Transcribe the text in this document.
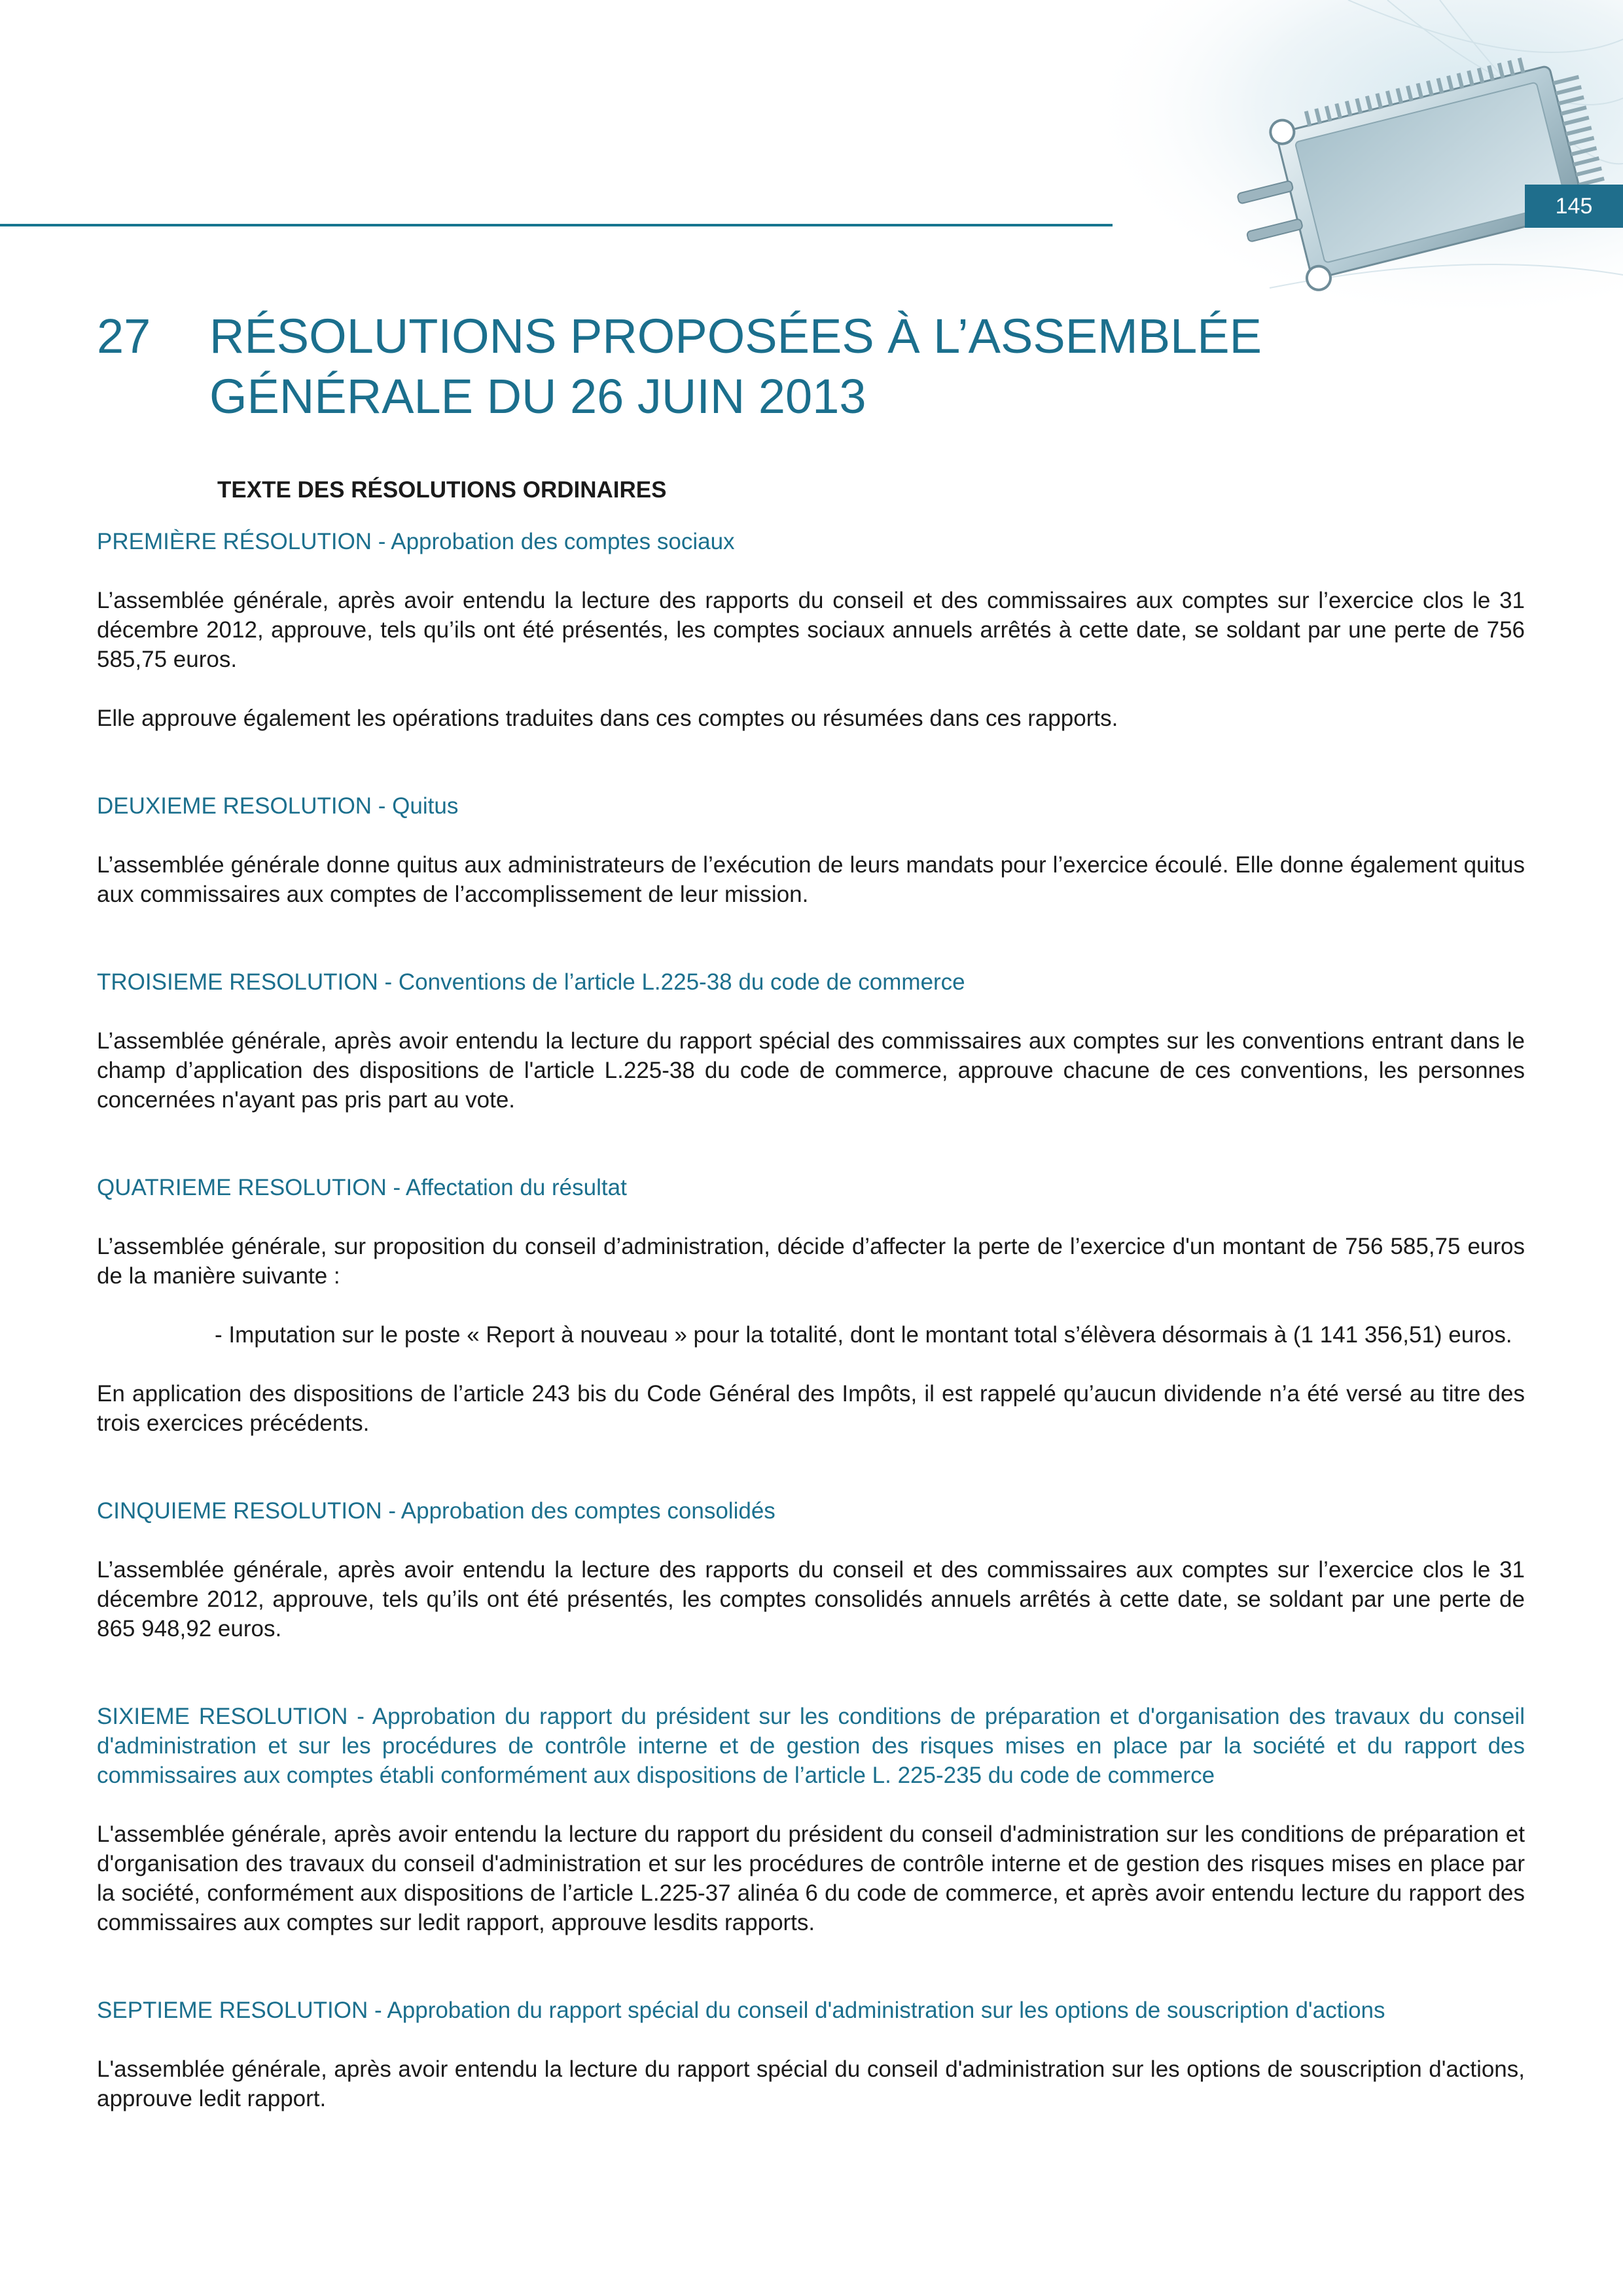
145
27 RÉSOLUTIONS PROPOSÉES À L’ASSEMBLÉE
GÉNÉRALE DU 26 JUIN 2013

TEXTE DES RÉSOLUTIONS ORDINAIRES

PREMIÈRE RÉSOLUTION - Approbation des comptes sociaux

L’assemblée générale, après avoir entendu la lecture des rapports du conseil et des commissaires aux comptes sur l’exercice clos le 31 décembre 2012, approuve, tels qu’ils ont été présentés, les comptes sociaux annuels arrêtés à cette date, se soldant par une perte de 756 585,75 euros.

Elle approuve également les opérations traduites dans ces comptes ou résumées dans ces rapports.

DEUXIEME RESOLUTION - Quitus

L’assemblée générale donne quitus aux administrateurs de l’exécution de leurs mandats pour l’exercice écoulé. Elle donne également quitus aux commissaires aux comptes de l’accomplissement de leur mission.

TROISIEME RESOLUTION - Conventions de l’article L.225-38 du code de commerce

L’assemblée générale, après avoir entendu la lecture du rapport spécial des commissaires aux comptes sur les conventions entrant dans le champ d’application des dispositions de l'article L.225-38 du code de commerce, approuve chacune de ces conventions, les personnes concernées n'ayant pas pris part au vote.

QUATRIEME RESOLUTION - Affectation du résultat

L’assemblée générale, sur proposition du conseil d’administration, décide d’affecter la perte de l’exercice d'un montant de 756 585,75 euros de la manière suivante :

- Imputation sur le poste « Report à nouveau » pour la totalité, dont le montant total s’élèvera désormais à (1 141 356,51) euros.

En application des dispositions de l’article 243 bis du Code Général des Impôts, il est rappelé qu’aucun dividende n’a été versé au titre des trois exercices précédents.

CINQUIEME RESOLUTION - Approbation des comptes consolidés

L’assemblée générale, après avoir entendu la lecture des rapports du conseil et des commissaires aux comptes sur l’exercice clos le 31 décembre 2012, approuve, tels qu’ils ont été présentés, les comptes consolidés annuels arrêtés à cette date, se soldant par une perte de 865 948,92 euros.

SIXIEME RESOLUTION - Approbation du rapport du président sur les conditions de préparation et d'organisation des travaux du conseil d'administration et sur les procédures de contrôle interne et de gestion des risques mises en place par la société et du rapport des commissaires aux comptes établi conformément aux dispositions de l’article L. 225-235 du code de commerce

L'assemblée générale, après avoir entendu la lecture du rapport du président du conseil d'administration sur les conditions de préparation et d'organisation des travaux du conseil d'administration et sur les procédures de contrôle interne et de gestion des risques mises en place par la société, conformément aux dispositions de l’article L.225-37 alinéa 6 du code de commerce, et après avoir entendu lecture du rapport des commissaires aux comptes sur ledit rapport, approuve lesdits rapports.

SEPTIEME RESOLUTION - Approbation du rapport spécial du conseil d'administration sur les options de souscription d'actions

L'assemblée générale, après avoir entendu la lecture du rapport spécial du conseil d'administration sur les options de souscription d'actions, approuve ledit rapport.
